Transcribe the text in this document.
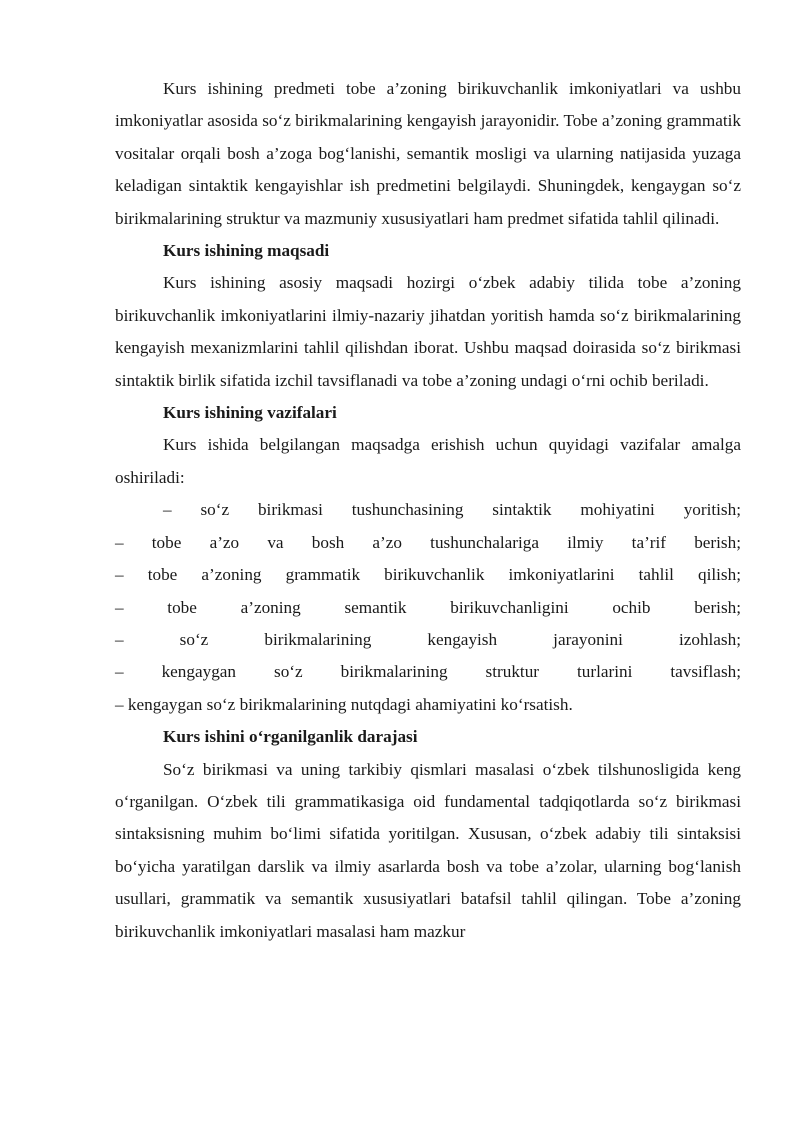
Kurs ishining predmeti tobe a’zoning birikuvchanlik imkoniyatlari va ushbu imkoniyatlar asosida so‘z birikmalarining kengayish jarayonidir. Tobe a’zoning grammatik vositalar orqali bosh a’zoga bog‘lanishi, semantik mosligi va ularning natijasida yuzaga keladigan sintaktik kengayishlar ish predmetini belgilaydi. Shuningdek, kengaygan so‘z birikmalarining struktur va mazmuniy xususiyatlari ham predmet sifatida tahlil qilinadi.

Kurs ishining maqsadi

Kurs ishining asosiy maqsadi hozirgi o‘zbek adabiy tilida tobe a’zoning birikuvchanlik imkoniyatlarini ilmiy-nazariy jihatdan yoritish hamda so‘z birikmalarining kengayish mexanizmlarini tahlil qilishdan iborat. Ushbu maqsad doirasida so‘z birikmasi sintaktik birlik sifatida izchil tavsiflanadi va tobe a’zoning undagi o‘rni ochib beriladi.

Kurs ishining vazifalari

Kurs ishida belgilangan maqsadga erishish uchun quyidagi vazifalar amalga oshiriladi:

– so‘z birikmasi tushunchasining sintaktik mohiyatini yoritish;

– tobe a’zo va bosh a’zo tushunchalariga ilmiy ta’rif berish;

– tobe a’zoning grammatik birikuvchanlik imkoniyatlarini tahlil qilish;

– tobe a’zoning semantik birikuvchanligini ochib berish;

– so‘z birikmalarining kengayish jarayonini izohlash;

– kengaygan so‘z birikmalarining struktur turlarini tavsiflash;

– kengaygan so‘z birikmalarining nutqdagi ahamiyatini ko‘rsatish.

Kurs ishini o‘rganilganlik darajasi

So‘z birikmasi va uning tarkibiy qismlari masalasi o‘zbek tilshunosligida keng o‘rganilgan. O‘zbek tili grammatikasiga oid fundamental tadqiqotlarda so‘z birikmasi sintaksisning muhim bo‘limi sifatida yoritilgan. Xususan, o‘zbek adabiy tili sintaksisi bo‘yicha yaratilgan darslik va ilmiy asarlarda bosh va tobe a’zolar, ularning bog‘lanish usullari, grammatik va semantik xususiyatlari batafsil tahlil qilingan. Tobe a’zoning birikuvchanlik imkoniyatlari masalasi ham mazkur
